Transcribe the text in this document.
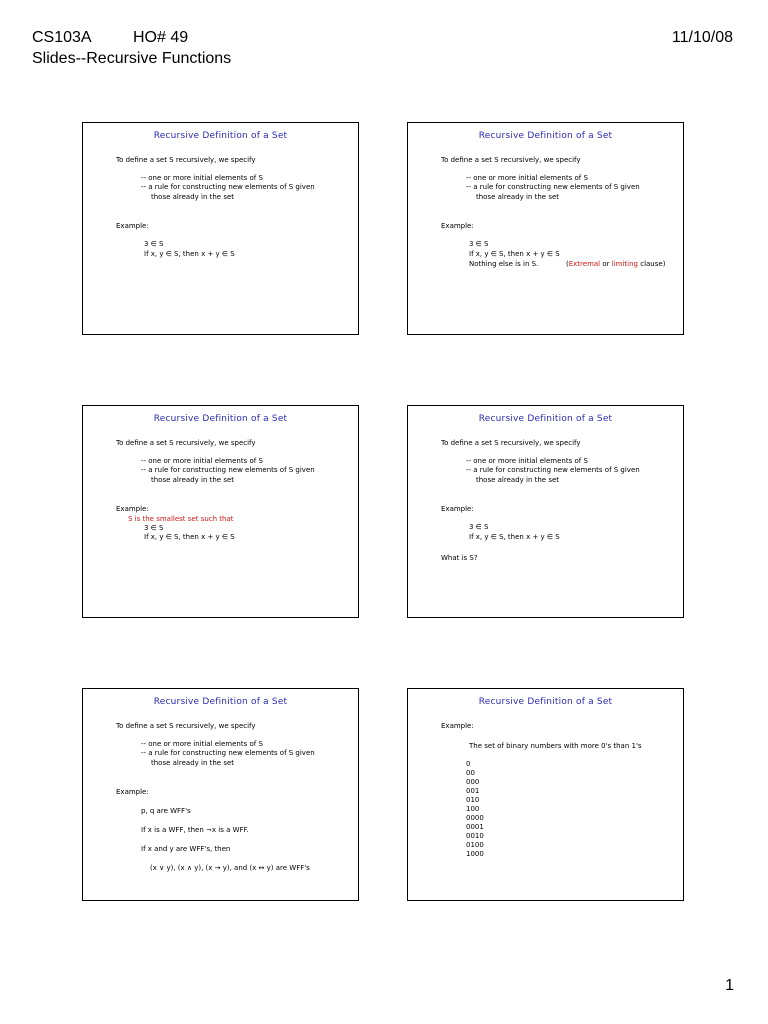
CS103A	HO# 49	11/10/08
Slides--Recursive Functions
Recursive Definition of a Set
To define a set S recursively, we specify
-- one or more initial elements of S
-- a rule for constructing new elements of S given
those already in the set
Example:
3 ∈ S
If x, y ∈ S, then x + y ∈ S
Recursive Definition of a Set
To define a set S recursively, we specify
-- one or more initial elements of S
-- a rule for constructing new elements of S given
those already in the set
Example:
3 ∈ S
If x, y ∈ S, then x + y ∈ S
Nothing else is in S.	(Extremal or limiting clause)
Recursive Definition of a Set
To define a set S recursively, we specify
-- one or more initial elements of S
-- a rule for constructing new elements of S given
those already in the set
Example:
S is the smallest set such that
3 ∈ S
If x, y ∈ S, then x + y ∈ S
Recursive Definition of a Set
To define a set S recursively, we specify
-- one or more initial elements of S
-- a rule for constructing new elements of S given
those already in the set
Example:
3 ∈ S
If x, y ∈ S, then x + y ∈ S
What is S?
Recursive Definition of a Set
To define a set S recursively, we specify
-- one or more initial elements of S
-- a rule for constructing new elements of S given
those already in the set
Example:
p, q are WFF's
If x is a WFF, then ¬x is a WFF.
If x and y are WFF's, then
(x ∨ y), (x ∧ y), (x → y), and (x ↔ y) are WFF's
Recursive Definition of a Set
Example:
The set of binary numbers with more 0's than 1's
0
00
000
001
010
100
0000
0001
0010
0100
1000
1
